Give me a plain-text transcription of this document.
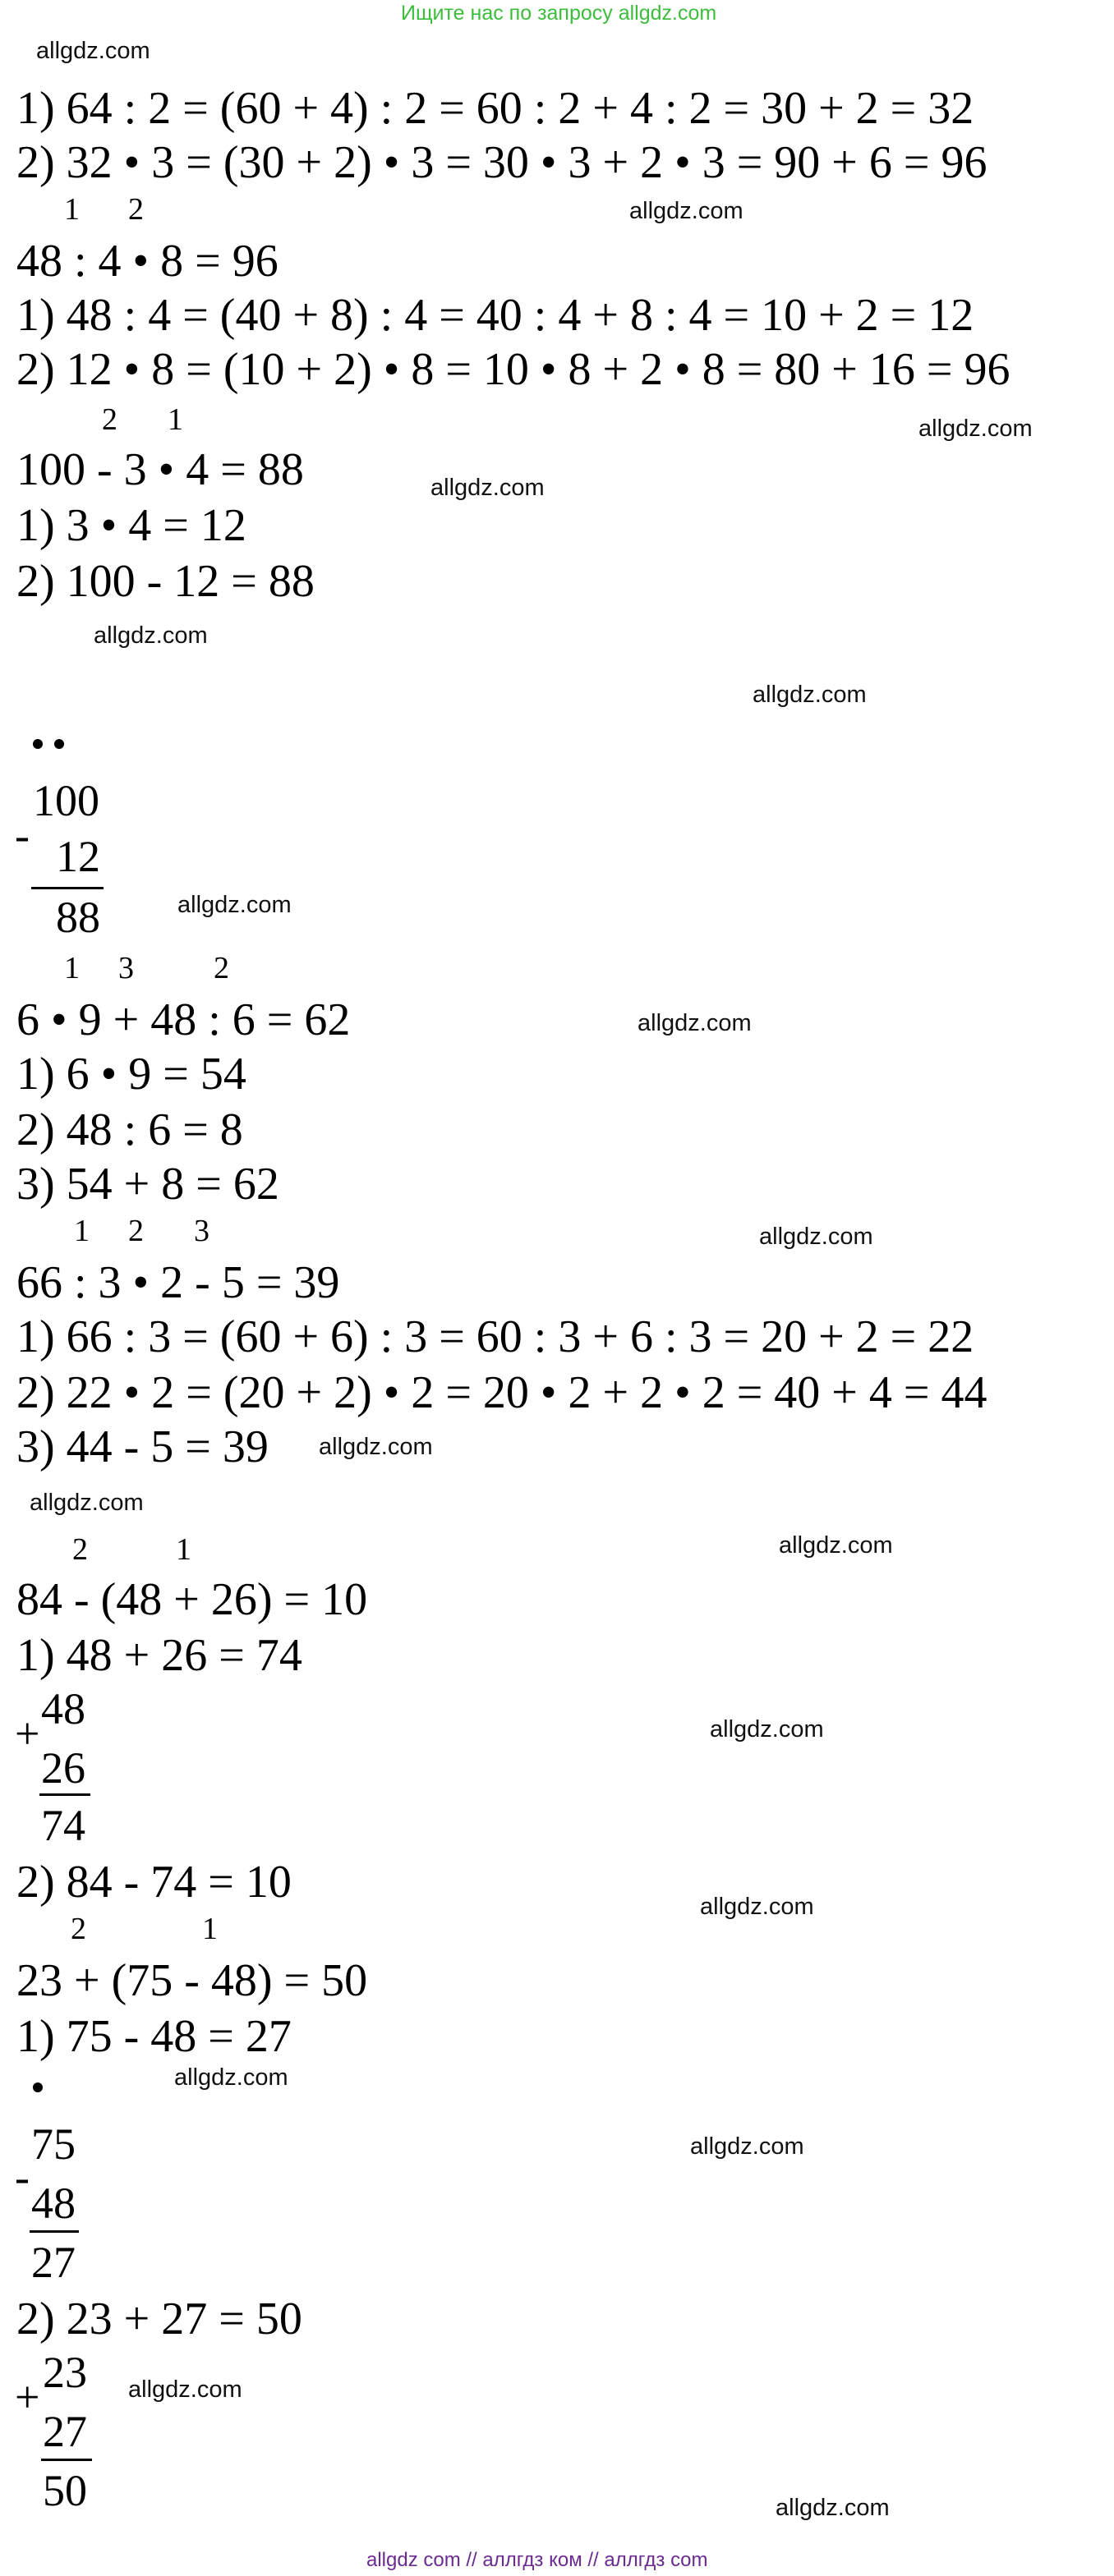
Ищите нас по запросу allgdz.com
allgdz.com
allgdz.com
allgdz.com
allgdz.com
allgdz.com
allgdz.com
allgdz.com
allgdz.com
allgdz.com
allgdz.com
allgdz.com
allgdz.com
allgdz.com
allgdz.com
allgdz.com
allgdz.com
allgdz.com
allgdz.com
1) 64 : 2 = (60 + 4) : 2 = 60 : 2 + 4 : 2 = 30 + 2 = 32
2) 32 • 3 = (30 + 2) • 3 = 30 • 3 + 2 • 3 = 90 + 6 = 96
1 2
48 : 4 • 8 = 96
1) 48 : 4 = (40 + 8) : 4 = 40 : 4 + 8 : 4 = 10 + 2 = 12
2) 12 • 8 = (10 + 2) • 8 = 10 • 8 + 2 • 8 = 80 + 16 = 96
2 1
100 - 3 • 4 = 88
1) 3 • 4 = 12
2) 100 - 12 = 88
-
100
12
88
1 3	2
6 • 9 + 48 : 6 = 62
1) 6 • 9 = 54
2) 48 : 6 = 8
3) 54 + 8 = 62
1 2 3
66 : 3 • 2 - 5 = 39
1) 66 : 3 = (60 + 6) : 3 = 60 : 3 + 6 : 3 = 20 + 2 = 22
2) 22 • 2 = (20 + 2) • 2 = 20 • 2 + 2 • 2 = 40 + 4 = 44
3) 44 - 5 = 39
2	1
84 - (48 + 26) = 10
1) 48 + 26 = 74
+ 48
26
74
2) 84 - 74 = 10
2	1
23 + (75 - 48) = 50
1) 75 - 48 = 27
-
75
48
27
2) 23 + 27 = 50
+ 23
27
50
allgdz com // аллгдз ком // аллгдз com
